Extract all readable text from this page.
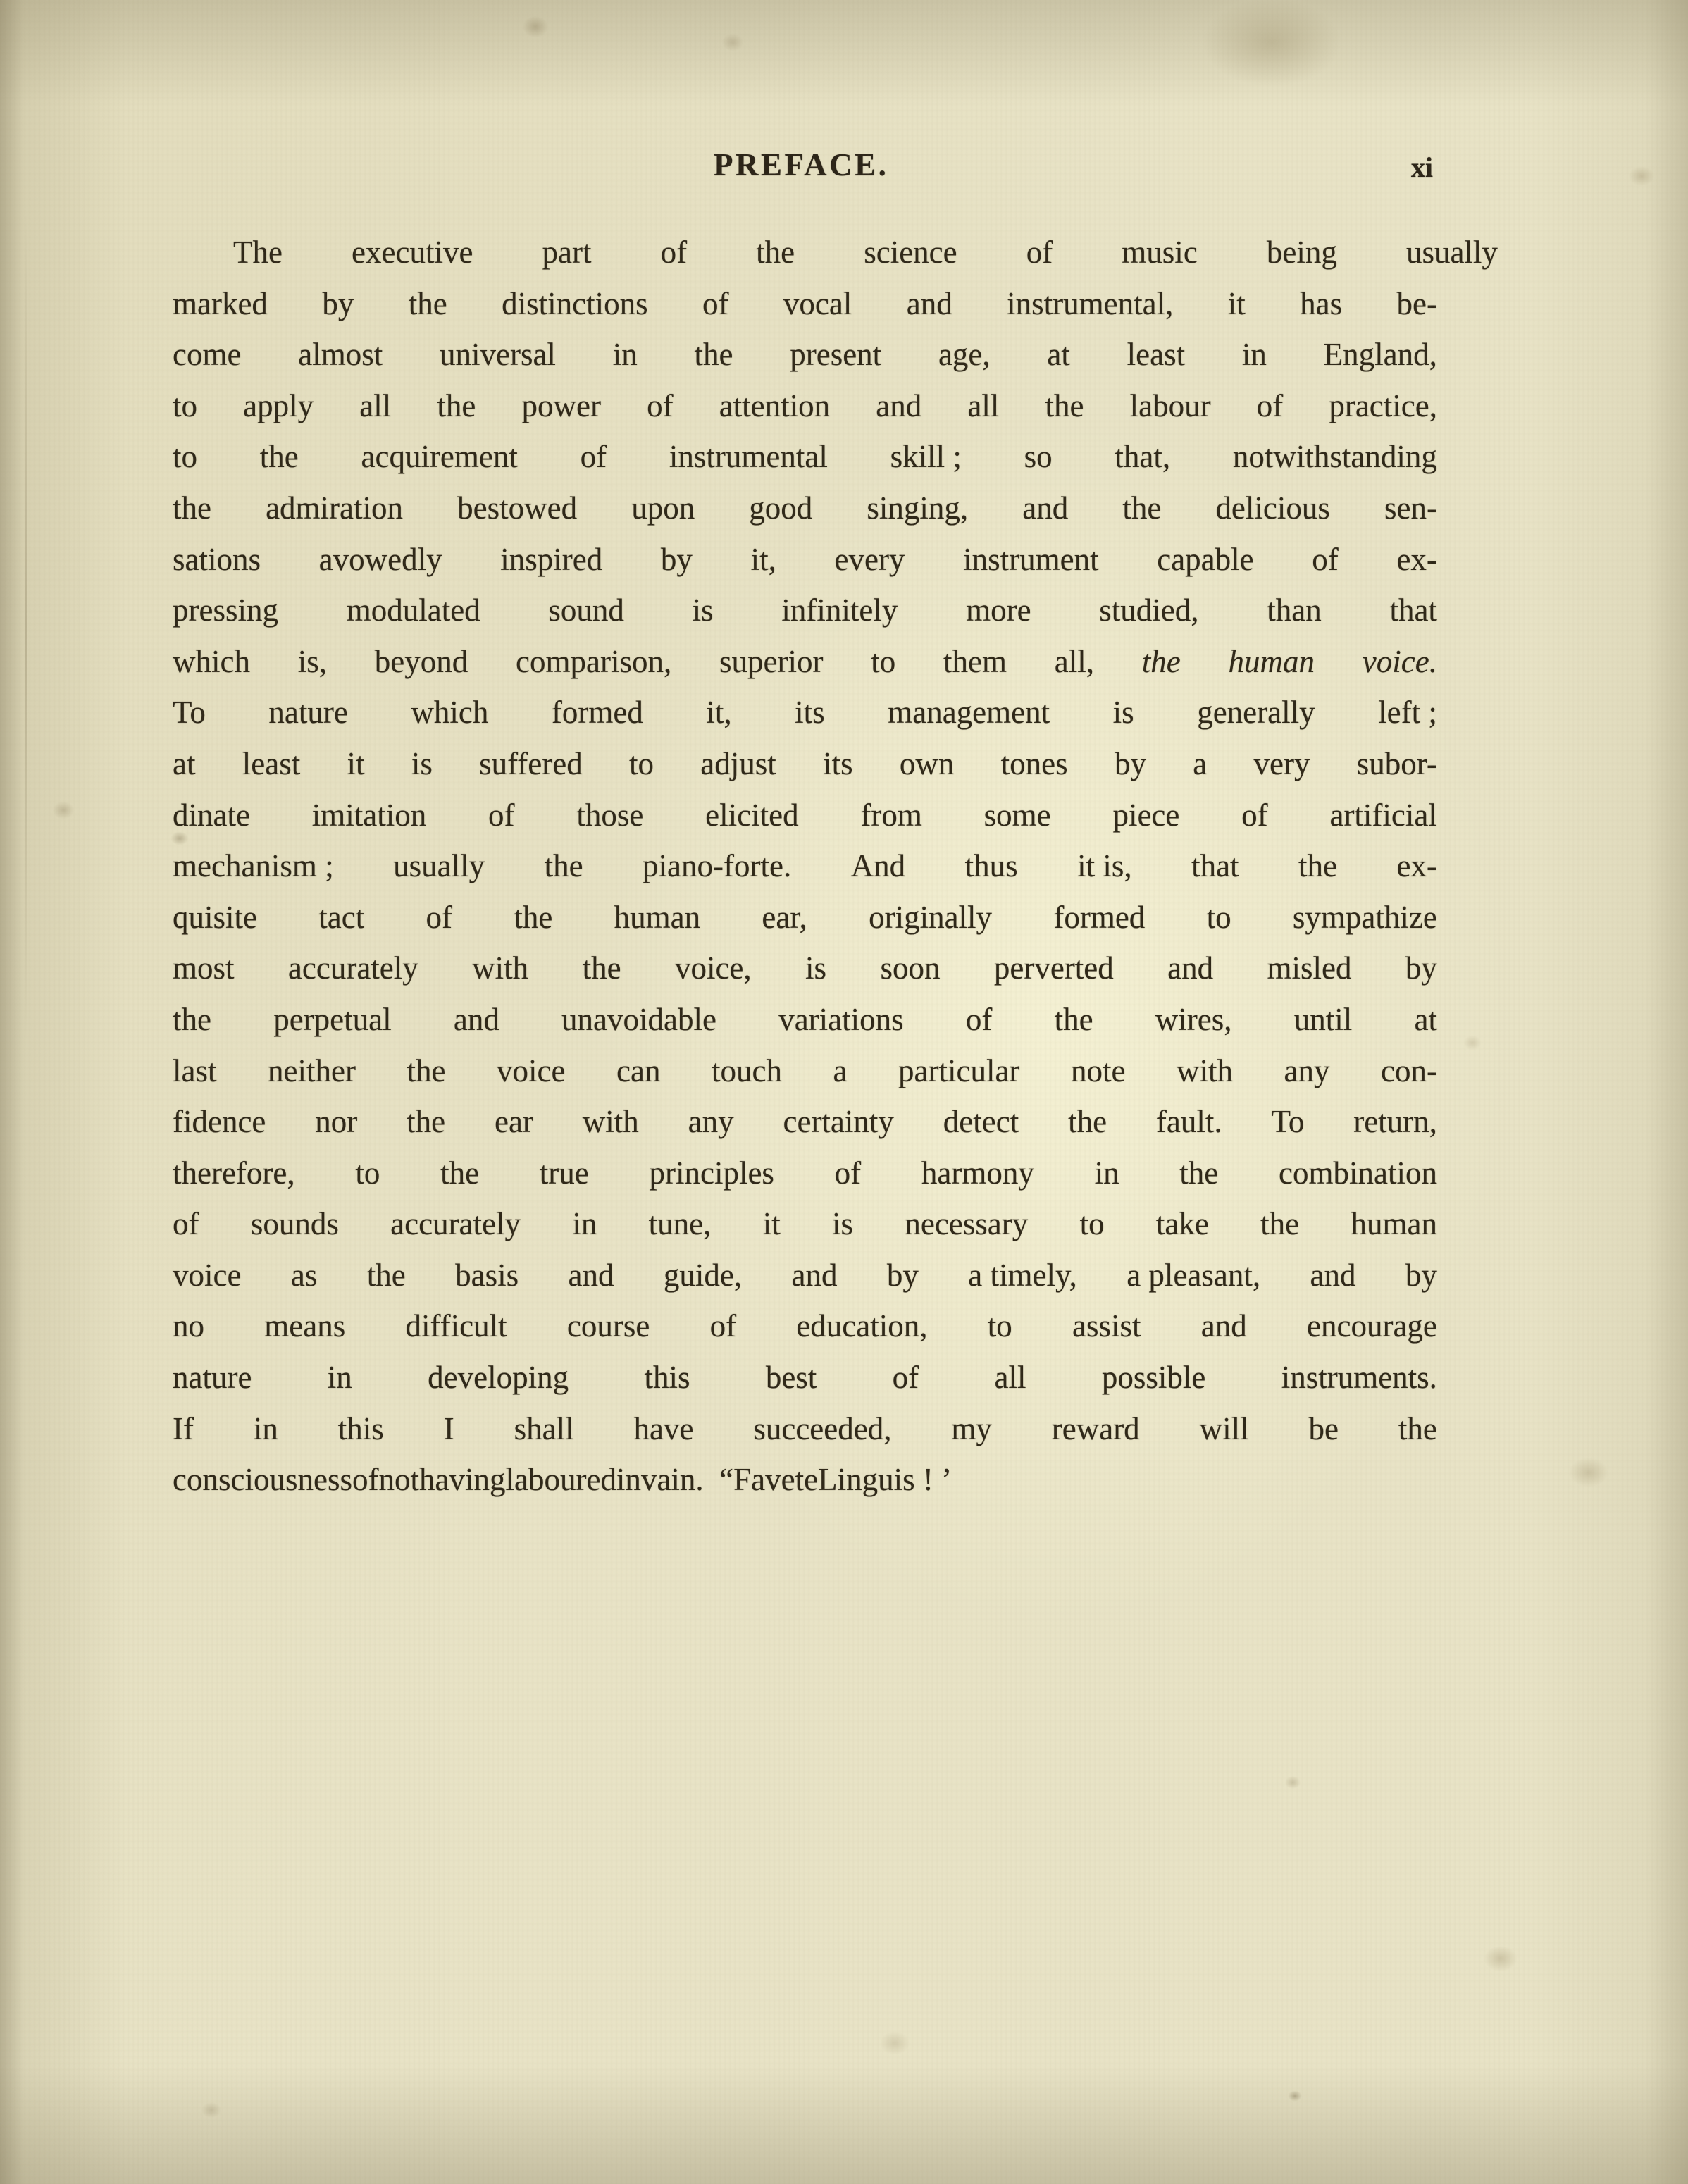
PREFACE.	xi
The executive part of the science of music being usually
marked by the distinctions of vocal and instrumental, it has be-
come almost universal in the present age, at least in England,
to apply all the power of attention and all the labour of practice,
to the acquirement of instrumental skill ; so that, notwithstanding
the admiration bestowed upon good singing, and the delicious sen-
sations avowedly inspired by it, every instrument capable of ex-
pressing modulated sound is infinitely more studied, than that
which is, beyond comparison, superior to them all, the human voice.
To nature which formed it, its management is generally left ;
at least it is suffered to adjust its own tones by a very subor-
dinate imitation of those elicited from some piece of artificial
mechanism ; usually the piano-forte. And thus it is, that the ex-
quisite tact of the human ear, originally formed to sympathize
most accurately with the voice, is soon perverted and misled by
the perpetual and unavoidable variations of the wires, until at
last neither the voice can touch a particular note with any con-
fidence nor the ear with any certainty detect the fault. To return,
therefore, to the true principles of harmony in the combination
of sounds accurately in tune, it is necessary to take the human
voice as the basis and guide, and by a timely, a pleasant, and by
no means difficult course of education, to assist and encourage
nature in developing this best of all possible instruments.
If in this I shall have succeeded, my reward will be the
consciousness of not having laboured in vain. “Favete Linguis ! ’
